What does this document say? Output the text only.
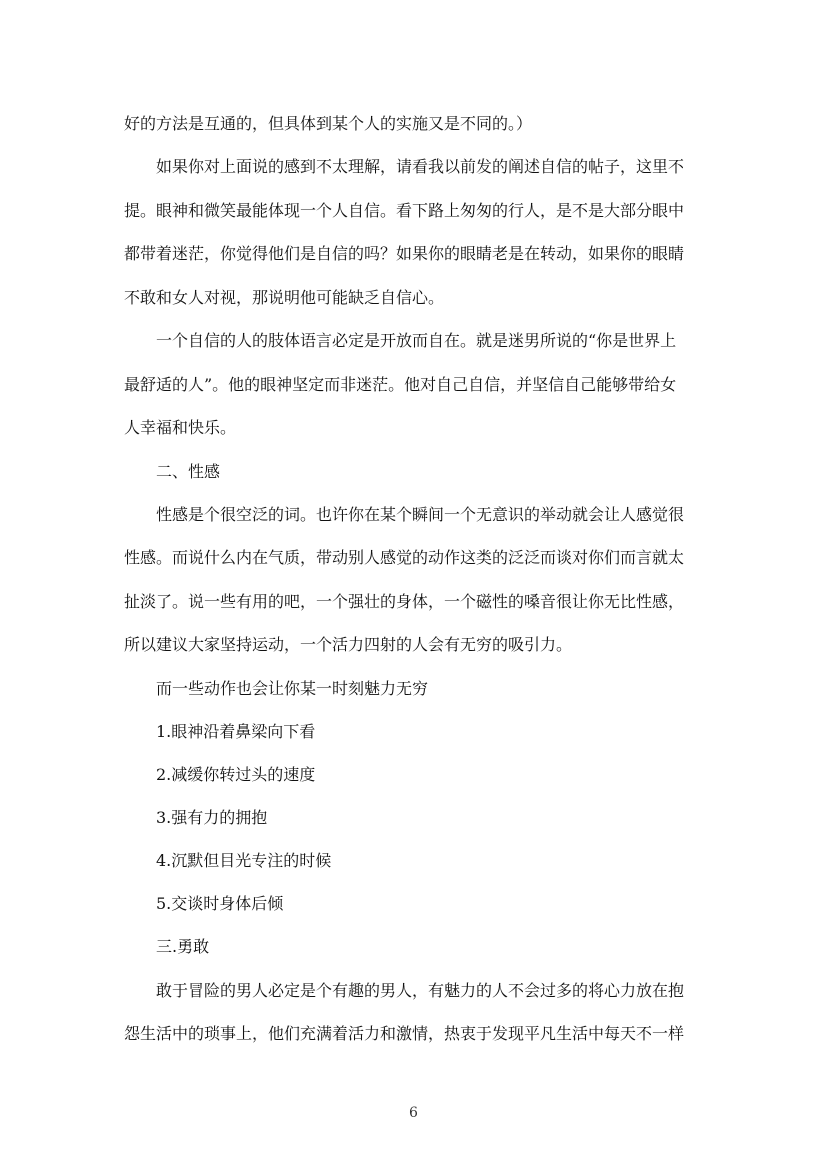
好的方法是互通的，但具体到某个人的实施又是不同的。）
如果你对上面说的感到不太理解，请看我以前发的阐述自信的帖子，这里不
提。眼神和微笑最能体现一个人自信。看下路上匆匆的行人，是不是大部分眼中
都带着迷茫，你觉得他们是自信的吗？如果你的眼睛老是在转动，如果你的眼睛
不敢和女人对视，那说明他可能缺乏自信心。
一个自信的人的肢体语言必定是开放而自在。就是迷男所说的“你是世界上
最舒适的人”。他的眼神坚定而非迷茫。他对自己自信，并坚信自己能够带给女
人幸福和快乐。
二、性感
性感是个很空泛的词。也许你在某个瞬间一个无意识的举动就会让人感觉很
性感。而说什么内在气质，带动别人感觉的动作这类的泛泛而谈对你们而言就太
扯淡了。说一些有用的吧，一个强壮的身体，一个磁性的嗓音很让你无比性感，
所以建议大家坚持运动，一个活力四射的人会有无穷的吸引力。
而一些动作也会让你某一时刻魅力无穷
1.眼神沿着鼻梁向下看
2.减缓你转过头的速度
3.强有力的拥抱
4.沉默但目光专注的时候
5.交谈时身体后倾
三.勇敢
敢于冒险的男人必定是个有趣的男人，有魅力的人不会过多的将心力放在抱
怨生活中的琐事上，他们充满着活力和激情，热衷于发现平凡生活中每天不一样
6
